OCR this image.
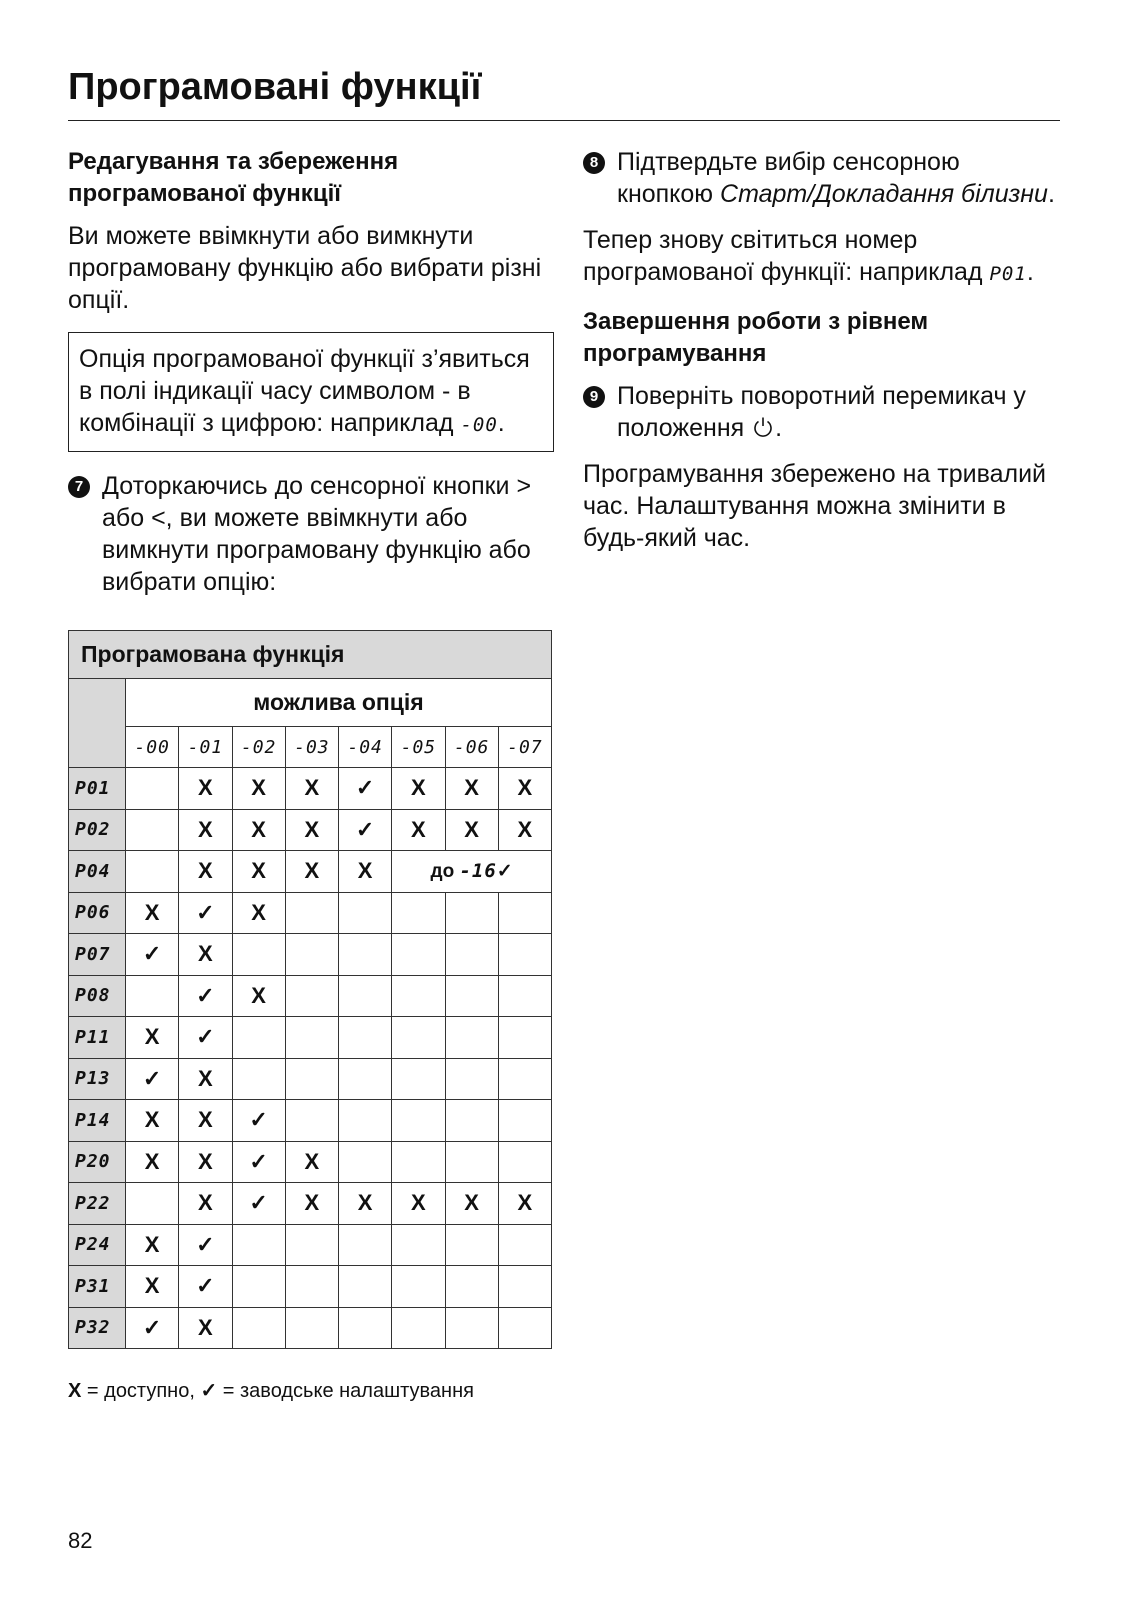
Програмовані функції
Редагування та збереження програмованої функції

Ви можете ввімкнути або вимкнути програмовану функцію або вибрати різні опції.

Опція програмованої функції з’явиться в полі індикації часу символом - в комбінації з цифрою: наприклад -00.
7 Доторкаючись до сенсорної кнопки > або <, ви можете ввімкнути або вимкнути програмовану функцію або вибрати опцію:
8 Підтвердьте вибір сенсорною кнопкою Старт/Докладання білизни.

Тепер знову світиться номер програмованої функції: наприклад P01.

Завершення роботи з рівнем програмування
9 Поверніть поворотний перемикач у положення .

Програмування збережено на тривалий час. Налаштування можна змінити в будь-який час.

Програмована функція								
	можлива опція							
	-00	-01	-02	-03	-04	-05	-06	-07
P01		X	X	X	✓	X	X	X
P02		X	X	X	✓	X	X	X
P04		X	X	X	X	до -16✓		
P06	X	✓	X					
P07	✓	X						
P08		✓	X					
P11	X	✓						
P13	✓	X						
P14	X	X	✓					
P20	X	X	✓	X				
P22		X	✓	X	X	X	X	X
P24	X	✓						
P31	X	✓						
P32	✓	X						
X = доступно, ✓ = заводське налаштування
82
